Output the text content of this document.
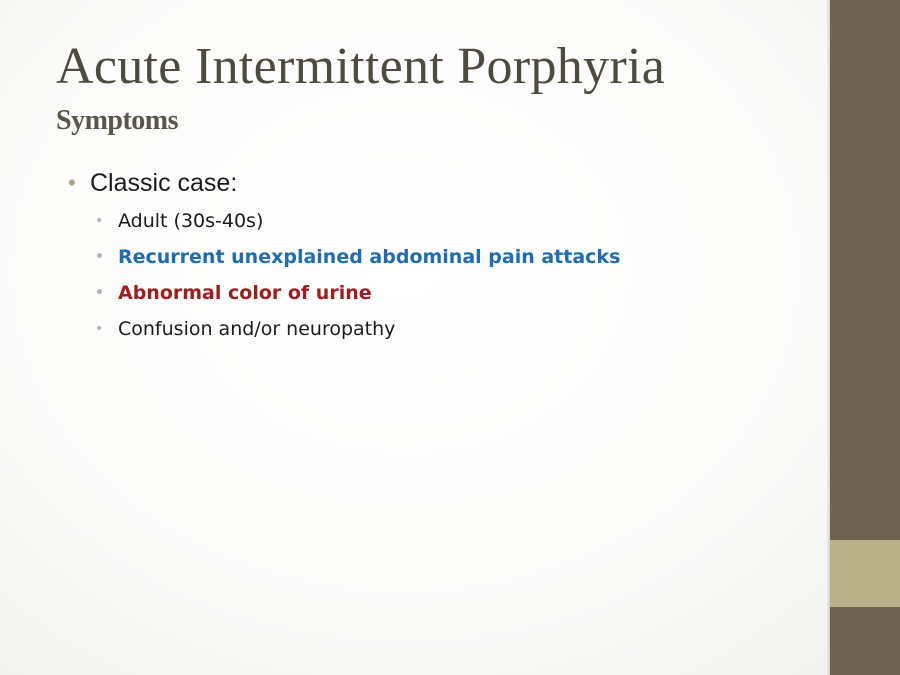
Acute Intermittent Porphyria
Symptoms
• Classic case:
• Adult (30s-40s)
• Recurrent unexplained abdominal pain attacks
• Abnormal color of urine
• Confusion and/or neuropathy
